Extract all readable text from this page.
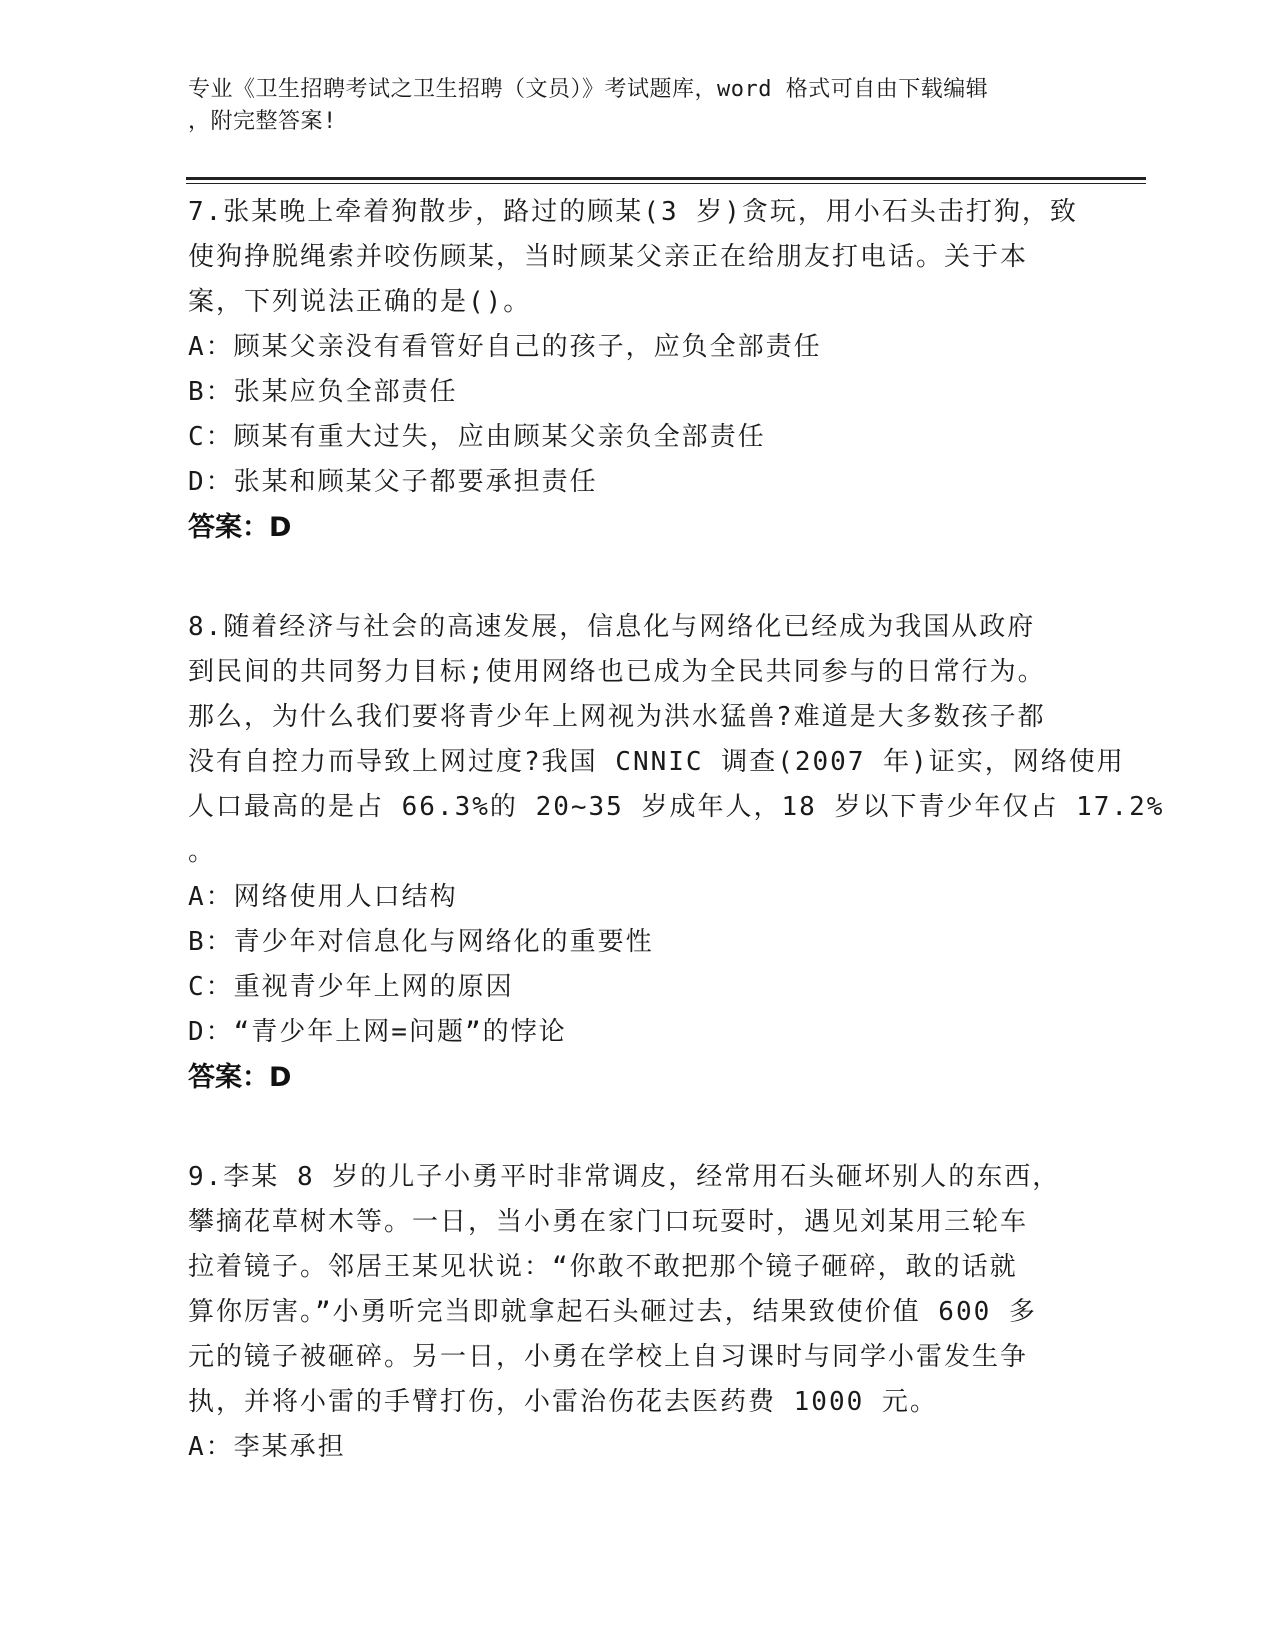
专业《卫生招聘考试之卫生招聘（文员）》考试题库，word 格式可自由下载编辑
，附完整答案!
7.张某晚上牵着狗散步，路过的顾某(3 岁)贪玩，用小石头击打狗，致
使狗挣脱绳索并咬伤顾某，当时顾某父亲正在给朋友打电话。关于本
案，下列说法正确的是()。
A：顾某父亲没有看管好自己的孩子，应负全部责任
B：张某应负全部责任
C：顾某有重大过失，应由顾某父亲负全部责任
D：张某和顾某父子都要承担责任
答案：D
8.随着经济与社会的高速发展，信息化与网络化已经成为我国从政府
到民间的共同努力目标;使用网络也已成为全民共同参与的日常行为。
那么，为什么我们要将青少年上网视为洪水猛兽?难道是大多数孩子都
没有自控力而导致上网过度?我国 CNNIC 调查(2007 年)证实，网络使用
人口最高的是占 66.3%的 20~35 岁成年人，18 岁以下青少年仅占 17.2%
。
A：网络使用人口结构
B：青少年对信息化与网络化的重要性
C：重视青少年上网的原因
D：“青少年上网=问题”的悖论
答案：D
9.李某 8 岁的儿子小勇平时非常调皮，经常用石头砸坏别人的东西，
攀摘花草树木等。一日，当小勇在家门口玩耍时，遇见刘某用三轮车
拉着镜子。邻居王某见状说：“你敢不敢把那个镜子砸碎，敢的话就
算你厉害。”小勇听完当即就拿起石头砸过去，结果致使价值 600 多
元的镜子被砸碎。另一日，小勇在学校上自习课时与同学小雷发生争
执，并将小雷的手臂打伤，小雷治伤花去医药费 1000 元。
A：李某承担
